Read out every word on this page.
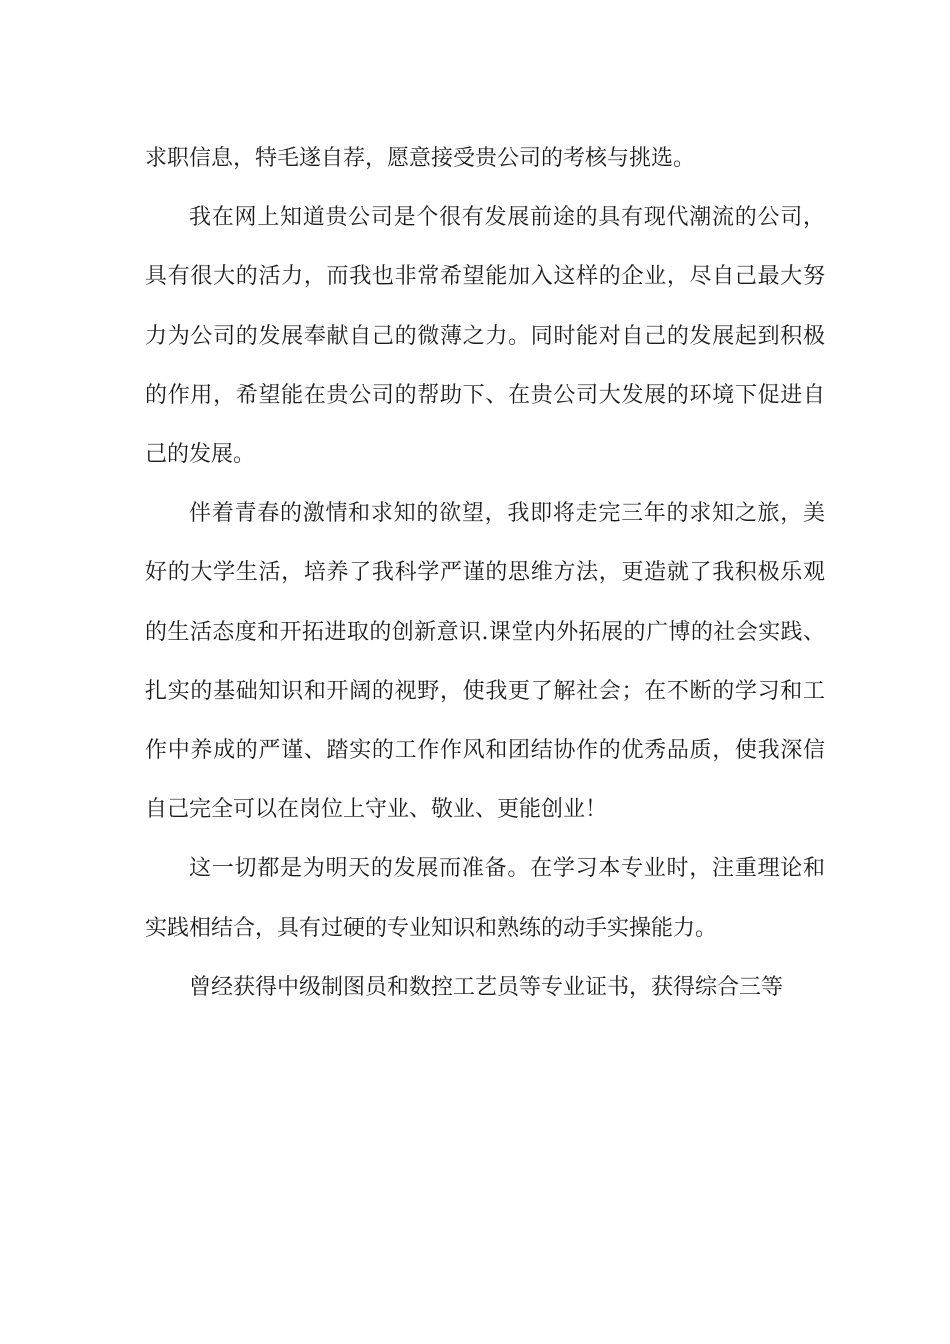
求职信息，特毛遂自荐，愿意接受贵公司的考核与挑选。

我在网上知道贵公司是个很有发展前途的具有现代潮流的公司，具有很大的活力，而我也非常希望能加入这样的企业，尽自己最大努力为公司的发展奉献自己的微薄之力。同时能对自己的发展起到积极的作用，希望能在贵公司的帮助下、在贵公司大发展的环境下促进自己的发展。

伴着青春的激情和求知的欲望，我即将走完三年的求知之旅，美好的大学生活，培养了我科学严谨的思维方法，更造就了我积极乐观的生活态度和开拓进取的创新意识.课堂内外拓展的广博的社会实践、扎实的基础知识和开阔的视野，使我更了解社会；在不断的学习和工作中养成的严谨、踏实的工作作风和团结协作的优秀品质，使我深信自己完全可以在岗位上守业、敬业、更能创业！

这一切都是为明天的发展而准备。在学习本专业时，注重理论和实践相结合，具有过硬的专业知识和熟练的动手实操能力。

曾经获得中级制图员和数控工艺员等专业证书，获得综合三等
